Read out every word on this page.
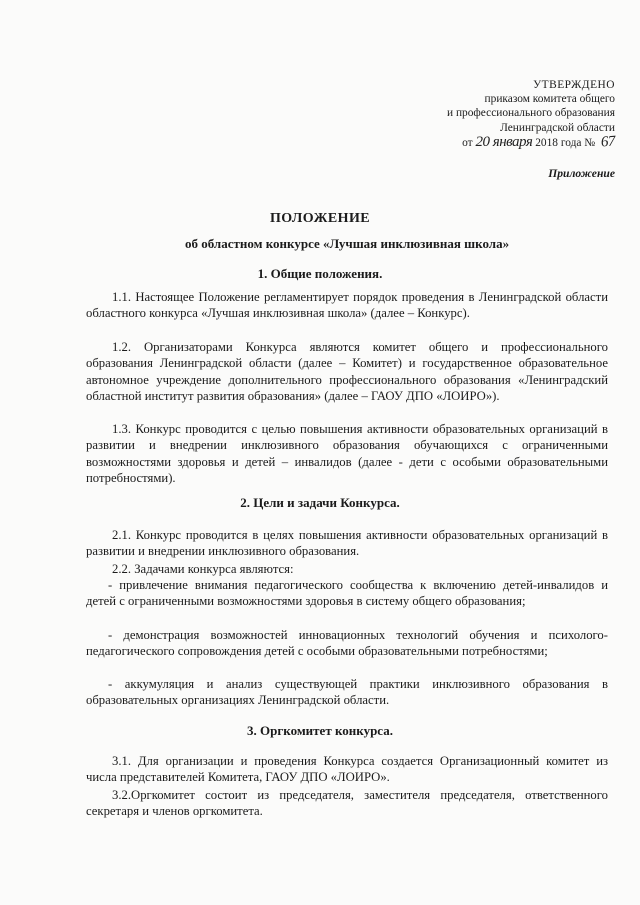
УТВЕРЖДЕНО
приказом комитета общего
и профессионального образования
Ленинградской области
от 20 января 2018 года № 67
Приложение
ПОЛОЖЕНИЕ
об областном конкурсе «Лучшая инклюзивная школа»
1. Общие положения.

1.1. Настоящее Положение регламентирует порядок проведения в Ленинградской области областного конкурса «Лучшая инклюзивная школа» (далее – Конкурс).

1.2. Организаторами Конкурса являются комитет общего и профессионального образования Ленинградской области (далее – Комитет) и государственное образовательное автономное учреждение дополнительного профессионального образования «Ленинградский областной институт развития образования» (далее – ГАОУ ДПО «ЛОИРО»).

1.3. Конкурс проводится с целью повышения активности образовательных организаций в развитии и внедрении инклюзивного образования обучающихся с ограниченными возможностями здоровья и детей – инвалидов (далее - дети с особыми образовательными потребностями).

2. Цели и задачи Конкурса.

2.1. Конкурс проводится в целях повышения активности образовательных организаций в развитии и внедрении инклюзивного образования.

2.2. Задачами конкурса являются:

- привлечение внимания педагогического сообщества к включению детей-инвалидов и детей с ограниченными возможностями здоровья в систему общего образования;

- демонстрация возможностей инновационных технологий обучения и психолого-педагогического сопровождения детей с особыми образовательными потребностями;

- аккумуляция и анализ существующей практики инклюзивного образования в образовательных организациях Ленинградской области.

3. Оргкомитет конкурса.

3.1. Для организации и проведения Конкурса создается Организационный комитет из числа представителей Комитета, ГАОУ ДПО «ЛОИРО».

3.2.Оргкомитет состоит из председателя, заместителя председателя, ответственного секретаря и членов оргкомитета.
